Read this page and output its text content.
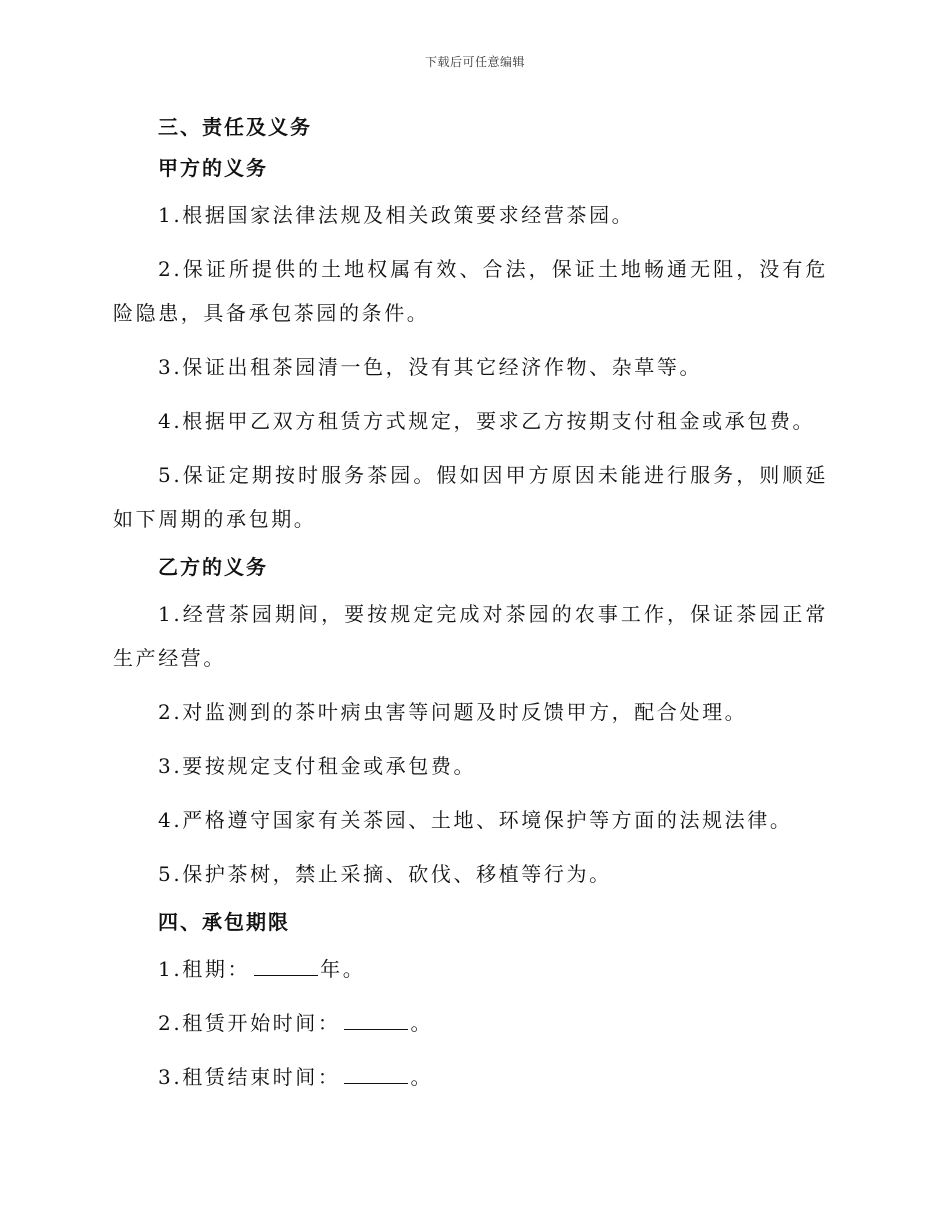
下载后可任意编辑

三、责任及义务

甲方的义务

1.根据国家法律法规及相关政策要求经营茶园。

2.保证所提供的土地权属有效、合法，保证土地畅通无阻，没有危险隐患，具备承包茶园的条件。

3.保证出租茶园清一色，没有其它经济作物、杂草等。

4.根据甲乙双方租赁方式规定，要求乙方按期支付租金或承包费。

5.保证定期按时服务茶园。假如因甲方原因未能进行服务，则顺延如下周期的承包期。

乙方的义务

1.经营茶园期间，要按规定完成对茶园的农事工作，保证茶园正常生产经营。

2.对监测到的茶叶病虫害等问题及时反馈甲方，配合处理。

3.要按规定支付租金或承包费。

4.严格遵守国家有关茶园、土地、环境保护等方面的法规法律。

5.保护茶树，禁止采摘、砍伐、移植等行为。

四、承包期限

1.租期：	年。

2.租赁开始时间：	。

3.租赁结束时间：	。
